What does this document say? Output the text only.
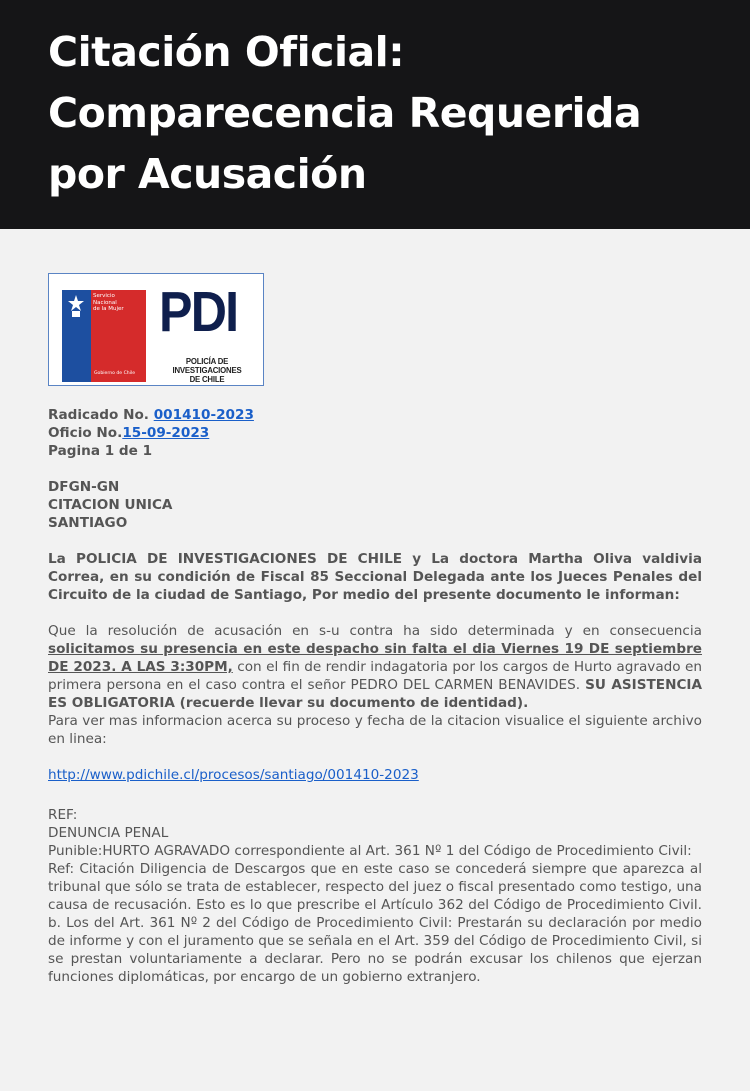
Citación Oficial:
Comparecencia Requerida
por Acusación
Servicio
Nacional
de la Mujer
Gobierno de Chile
PDI
POLICÍA DE INVESTIGACIONES
DE CHILE
Radicado No. 001410-2023
Oficio No.15-09-2023
Pagina 1 de 1
DFGN-GN
CITACION UNICA
SANTIAGO
La POLICIA DE INVESTIGACIONES DE CHILE y La doctora Martha Oliva valdivia Correa, en su condición de Fiscal 85 Seccional Delegada ante los Jueces Penales del Circuito de la ciudad de Santiago, Por medio del presente documento le informan:
Que la resolución de acusación en s-u contra ha sido determinada y en consecuencia solicitamos su presencia en este despacho sin falta el dia Viernes 19 DE septiembre DE 2023. A LAS 3:30PM, con el fin de rendir indagatoria por los cargos de Hurto agravado en primera persona en el caso contra el señor PEDRO DEL CARMEN BENAVIDES. SU ASISTENCIA ES OBLIGATORIA (recuerde llevar su documento de identidad).
Para ver mas informacion acerca su proceso y fecha de la citacion visualice el siguiente archivo en linea:
http://www.pdichile.cl/procesos/santiago/001410-2023
REF:
DENUNCIA PENAL
Punible:HURTO AGRAVADO correspondiente al Art. 361 Nº 1 del Código de Procedimiento Civil:
Ref: Citación Diligencia de Descargos que en este caso se concederá siempre que aparezca al tribunal que sólo se trata de establecer, respecto del juez o fiscal presentado como testigo, una causa de recusación. Esto es lo que prescribe el Artículo 362 del Código de Procedimiento Civil. b. Los del Art. 361 Nº 2 del Código de Procedimiento Civil: Prestarán su declaración por medio de informe y con el juramento que se señala en el Art. 359 del Código de Procedimiento Civil, si se prestan voluntariamente a declarar. Pero no se podrán excusar los chilenos que ejerzan funciones diplomáticas, por encargo de un gobierno extranjero.
